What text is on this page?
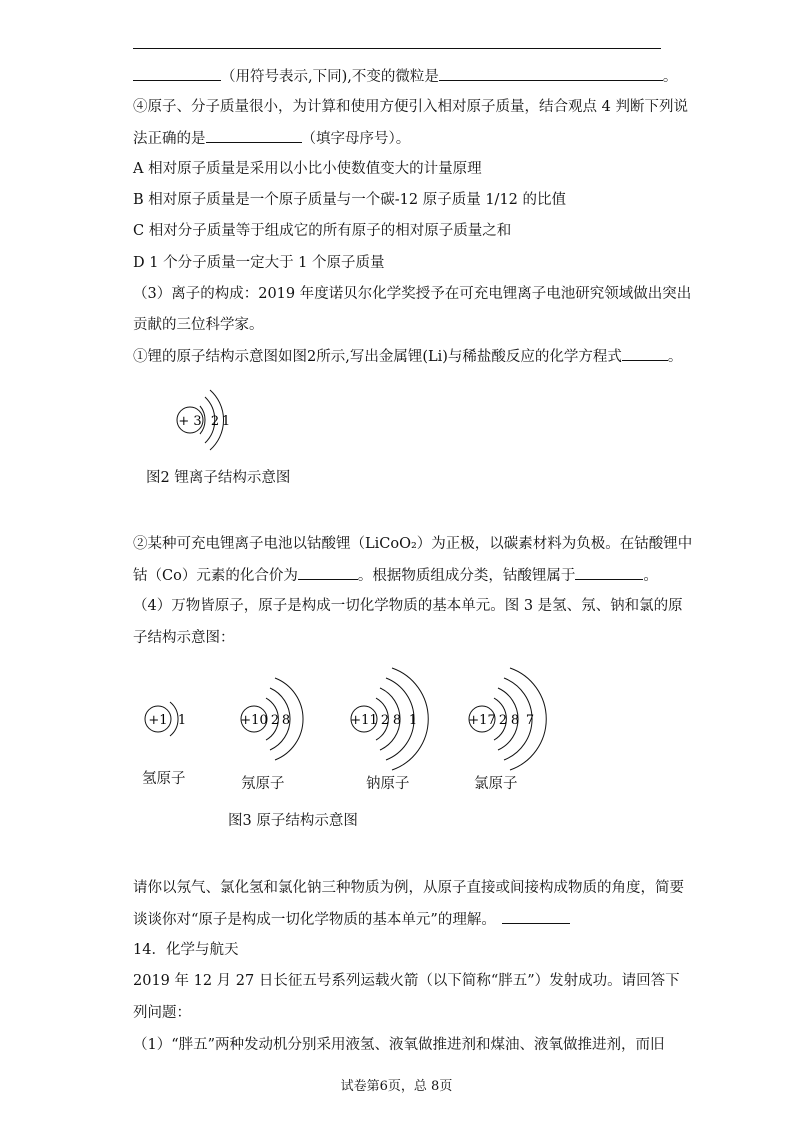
（用符号表示,下同),不变的微粒是	。
④原子、分子质量很小，为计算和使用方便引入相对原子质量，结合观点 4 判断下列说
法正确的是	（填字母序号）。
A 相对原子质量是采用以小比小使数值变大的计量原理
B 相对原子质量是一个原子质量与一个碳-12 原子质量 1/12 的比值
C 相对分子质量等于组成它的所有原子的相对原子质量之和
D 1 个分子质量一定大于 1 个原子质量
（3）离子的构成：2019 年度诺贝尔化学奖授予在可充电锂离子电池研究领域做出突出
贡献的三位科学家。
①锂的原子结构示意图如图2所示,写出金属锂(Li)与稀盐酸反应的化学方程式	。
+ 3 2 1
图2 锂离子结构示意图
②某种可充电锂离子电池以钴酸锂（LiCoO₂）为正极，以碳素材料为负极。在钴酸锂中
钴（Co）元素的化合价为	。根据物质组成分类，钴酸锂属于	。
（4）万物皆原子，原子是构成一切化学物质的基本单元。图 3 是氢、氖、钠和氯的原
子结构示意图：
+1 1	+10 2 8	+11 2 8 1	+17 2 8 7
氢原子	氖原子	钠原子	氯原子
图3 原子结构示意图
请你以氖气、氯化氢和氯化钠三种物质为例，从原子直接或间接构成物质的角度，简要
谈谈你对“原子是构成一切化学物质的基本单元”的理解。
14．化学与航天
2019 年 12 月 27 日长征五号系列运载火箭（以下简称“胖五”）发射成功。请回答下
列问题：
（1）“胖五”两种发动机分别采用液氢、液氧做推进剂和煤油、液氧做推进剂，而旧
试卷第6页，总 8页
